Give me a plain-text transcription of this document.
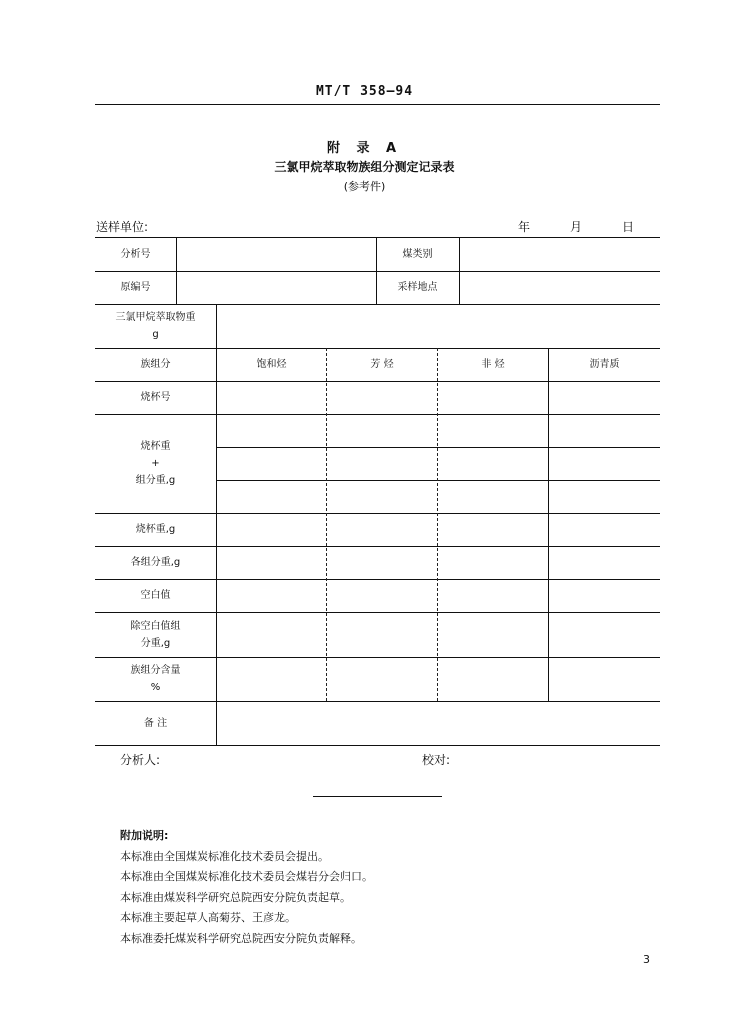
MT/T 358—94
附 录 A
三氯甲烷萃取物族组分测定记录表
(参考件)
送样单位:	年	月	日
分析号	煤类别
原编号	采样地点
三氯甲烷萃取物重
g
族组分	饱和烃	芳 烃	非 烃	沥青质
烧杯号
烧杯重
+
组分重,g
烧杯重,g
各组分重,g
空白值
除空白值组
分重,g
族组分含量
%
备 注
分析人:	校对:
附加说明:
本标准由全国煤炭标准化技术委员会提出。
本标准由全国煤炭标准化技术委员会煤岩分会归口。
本标准由煤炭科学研究总院西安分院负责起草。
本标准主要起草人高菊芬、王彦龙。
本标准委托煤炭科学研究总院西安分院负责解释。
3
